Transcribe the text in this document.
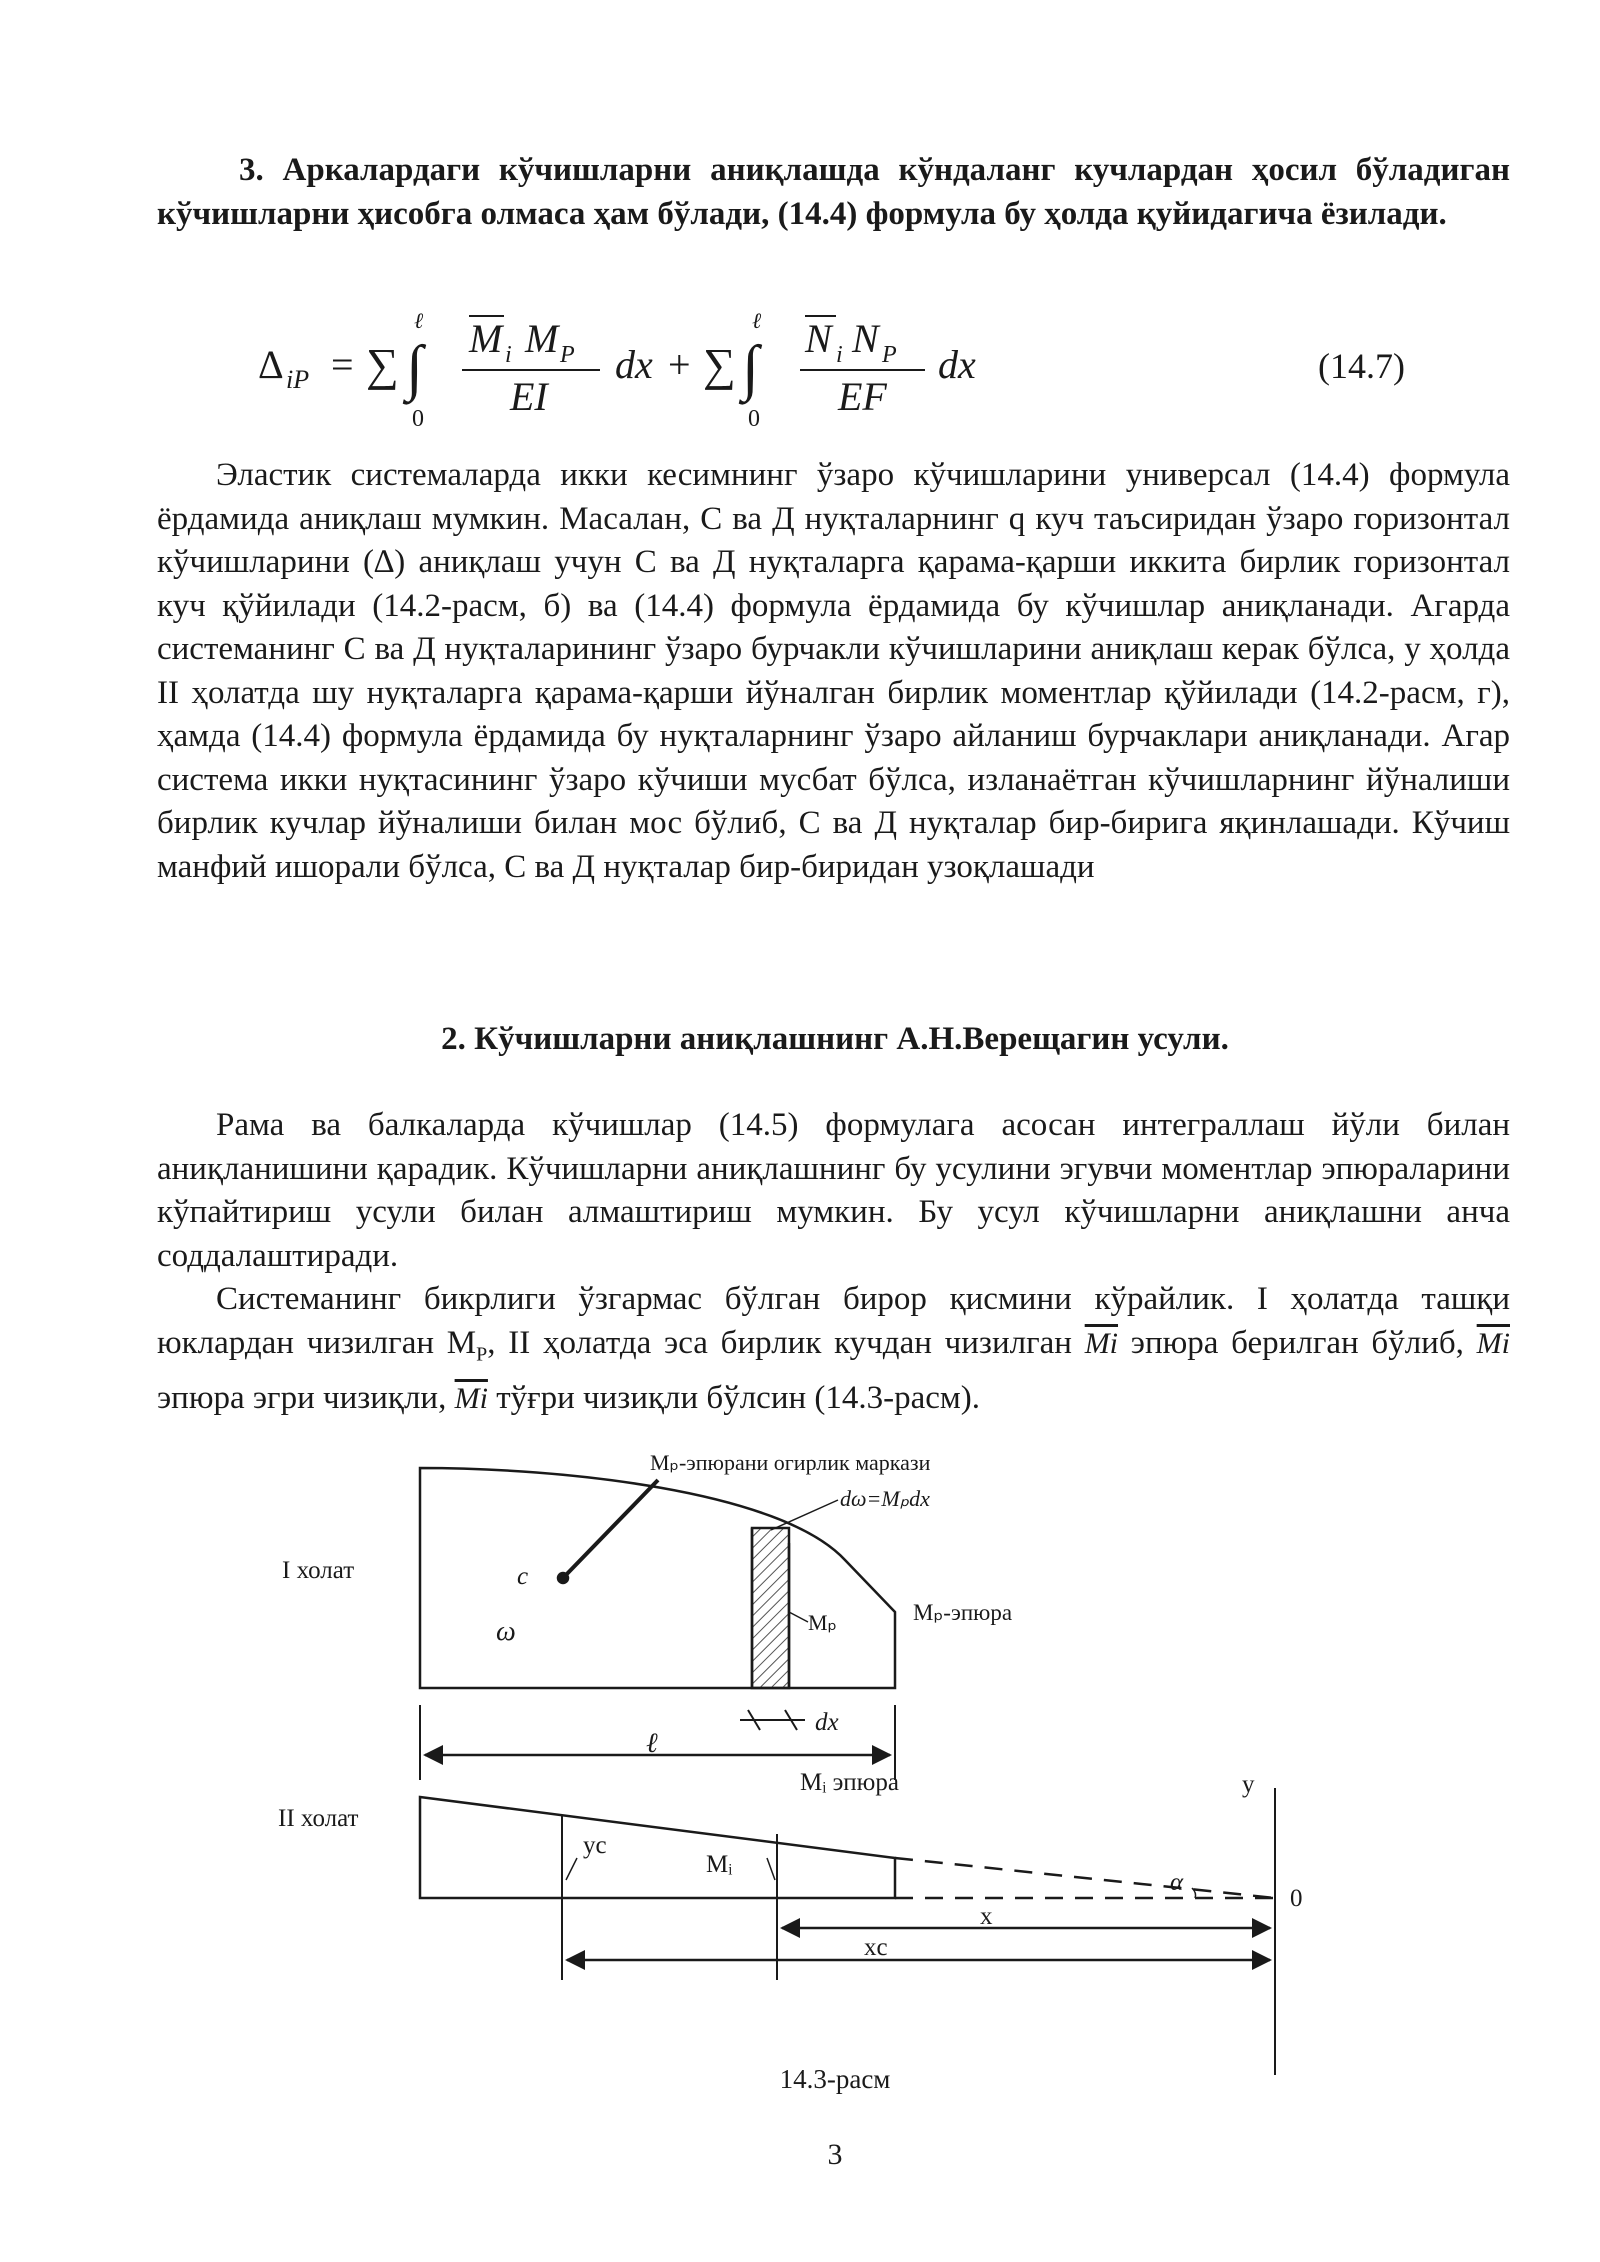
3. Аркалардаги кўчишларни аниқлашда кўндаланг кучлардан ҳосил бўладиган кўчишларни ҳисобга олмаса ҳам бўлади, (14.4) формула бу ҳолда қуйидагича ёзилади.
Δ iP = ∑ ∫
ℓ
0
M i M P
EI
dx + ∑ ∫
ℓ
0
N i N P
EF
dx	(14.7)

Эластик системаларда икки кесимнинг ўзаро кўчишларини универсал (14.4) формула ёрдамида аниқлаш мумкин. Масалан, С ва Д нуқталарнинг q куч таъсиридан ўзаро горизонтал кўчишларини (∆) аниқлаш учун С ва Д нуқталарга қарама-қарши иккита бирлик горизонтал куч қўйилади (14.2-расм, б) ва (14.4) формула ёрдамида бу кўчишлар аниқланади. Агарда системанинг С ва Д нуқталарининг ўзаро бурчакли кўчишларини аниқлаш керак бўлса, у ҳолда II ҳолатда шу нуқталарга қарама-қарши йўналган бирлик моментлар қўйилади (14.2-расм, г), ҳамда (14.4) формула ёрдамида бу нуқталарнинг ўзаро айланиш бурчаклари аниқланади. Агар система икки нуқтасининг ўзаро кўчиши мусбат бўлса, изланаётган кўчишларнинг йўналиши бирлик кучлар йўналиши билан мос бўлиб, С ва Д нуқталар бир-бирига яқинлашади. Кўчиш манфий ишорали бўлса, С ва Д нуқталар бир-биридан узоқлашади

2. Кўчишларни аниқлашнинг А.Н.Верещагин усули.

Рама ва балкаларда кўчишлар (14.5) формулага асосан интеграллаш йўли билан аниқланишини қарадик. Кўчишларни аниқлашнинг бу усулини эгувчи моментлар эпюраларини кўпайтириш усули билан алмаштириш мумкин. Бу усул кўчишларни аниқлашни анча соддалаштиради.

Системанинг бикрлиги ўзгармас бўлган бирор қисмини кўрайлик. I ҳолатда ташқи юклардан чизилган $M_P$, II ҳолатда эса бирлик кучдан чизилган $\overline{Mi}$ эпюра берилган бўлиб, $\overline{Mi}$ эпюра эгри чизиқли, $\overline{Mi}$ тўғри чизиқли бўлсин (14.3-расм).

I холат
II холат
Mₚ-эпюрани огирлик маркази
c
ω
dω=Mₚdx
Mₚ	Mₚ-эпюра
dx
ℓ
Mᵢ эпюра
yc
Mᵢ
y
0
α
x
xc
14.3-расм
3
